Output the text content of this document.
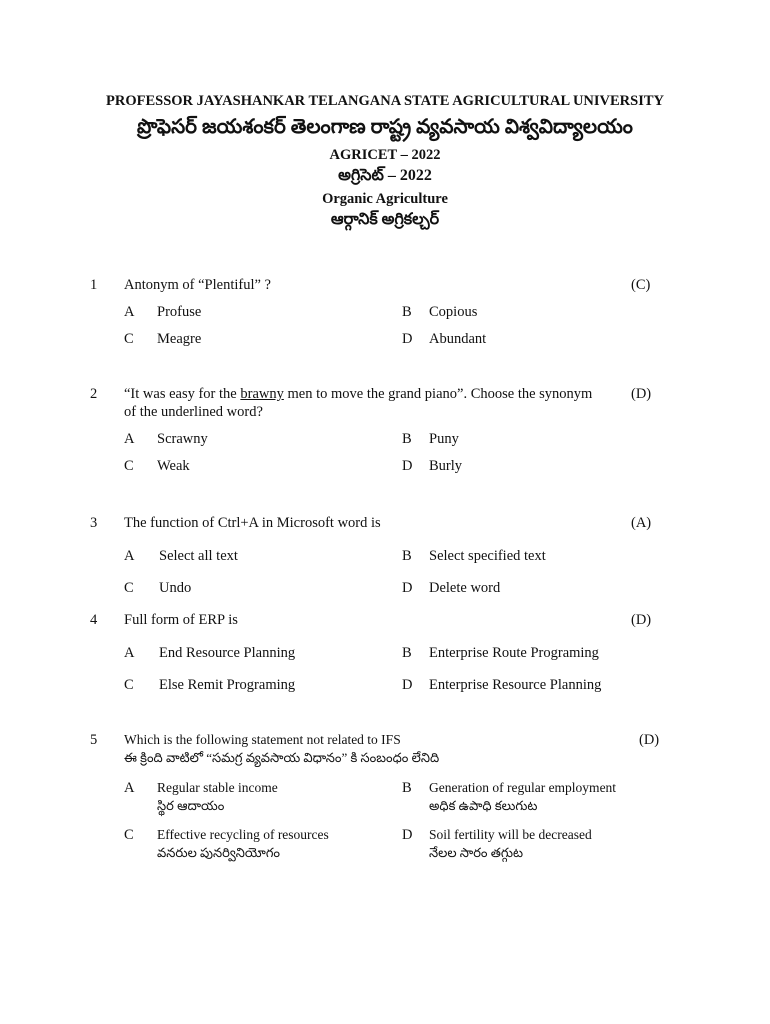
PROFESSOR JAYASHANKAR TELANGANA STATE AGRICULTURAL UNIVERSITY
ప్రొఫెసర్ జయశంకర్ తెలంగాణ రాష్ట్ర వ్యవసాయ విశ్వవిద్యాలయం
AGRICET – 2022
అగ్రిసెట్ – 2022
Organic Agriculture
ఆర్గానిక్ అగ్రికల్చర్
1 Antonym of “Plentiful” ?	(C)
A Profuse	B Copious
C Meagre	D Abundant
2 “It was easy for the brawny men to move the grand piano”. Choose the synonym
of the underlined word?
(D)
A Scrawny	B Puny
C Weak	D Burly
3 The function of Ctrl+A in Microsoft word is	(A)
A Select all text	B Select specified text
C Undo	D Delete word
4 Full form of ERP is	(D)
A End Resource Planning	B Enterprise Route Programing
C Else Remit Programing	D Enterprise Resource Planning
5 Which is the following statement not related to IFS
ఈ క్రింది వాటిలో “సమగ్ర వ్యవసాయ విధానం” కి సంబంధం లేనిది
(D)
A Regular stable income
స్థిర ఆదాయం
B Generation of regular employment
అధిక ఉపాధి కలుగుట
C Effective recycling of resources
వనరుల పునర్వినియోగం
D Soil fertility will be decreased
నేలల సారం తగ్గుట
